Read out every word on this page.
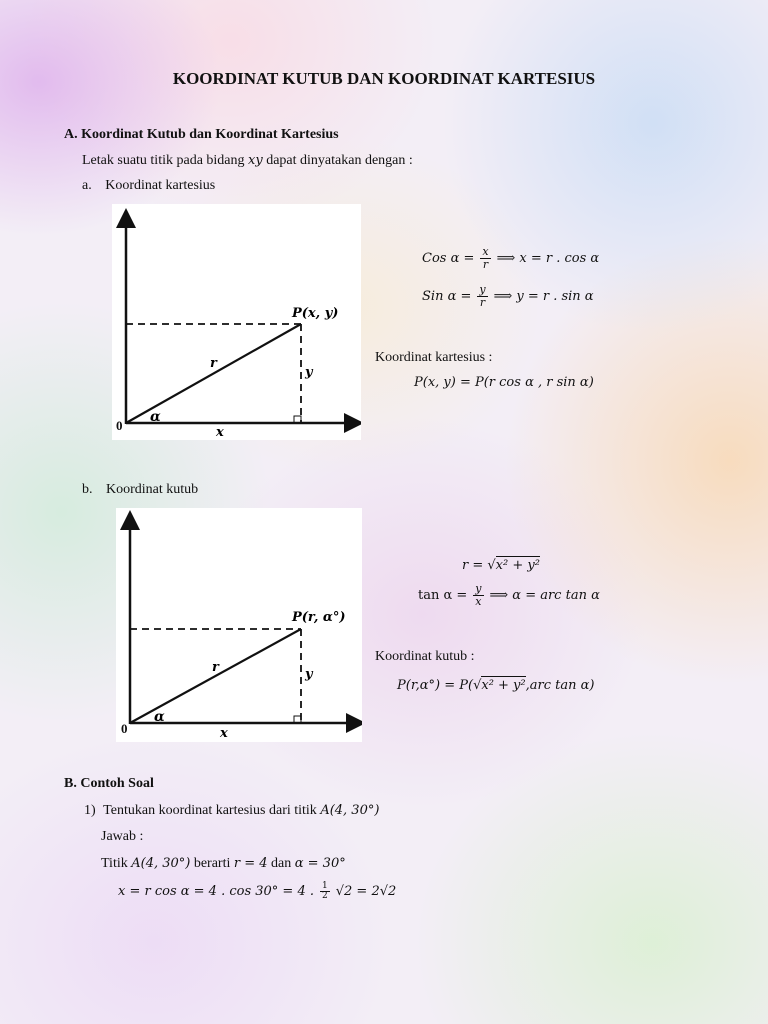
KOORDINAT KUTUB DAN KOORDINAT KARTESIUS
A. Koordinat Kutub dan Koordinat Kartesius
Letak suatu titik pada bidang xy dapat dinyatakan dengan :
a. Koordinat kartesius
P(x, y)
r
y
x
α
0
Cos $\alpha = \frac{x}{r}$ ⟹ x = r . cos α
Sin $\alpha = \frac{y}{r}$ ⟹ y = r . sin α
Koordinat kartesius :
P(x, y) = P(r cos α , r sin α)
b. Koordinat kutub
P(r, α°)
r	y
x
α
0
r = √x² + y²
$\tan \alpha = \frac{y}{x}$ ⟹ α = arc tan α
Koordinat kutub :
P(r,α°) = P(√x² + y²,arc tan α)
B. Contoh Soal
1) Tentukan koordinat kartesius dari titik A(4, 30°)
Jawab :
Titik A(4, 30°) berarti r = 4 dan α = 30°
x = r cos α = 4 . cos 30° = 4 . $\frac{1}{2} √2 = 2√2$
